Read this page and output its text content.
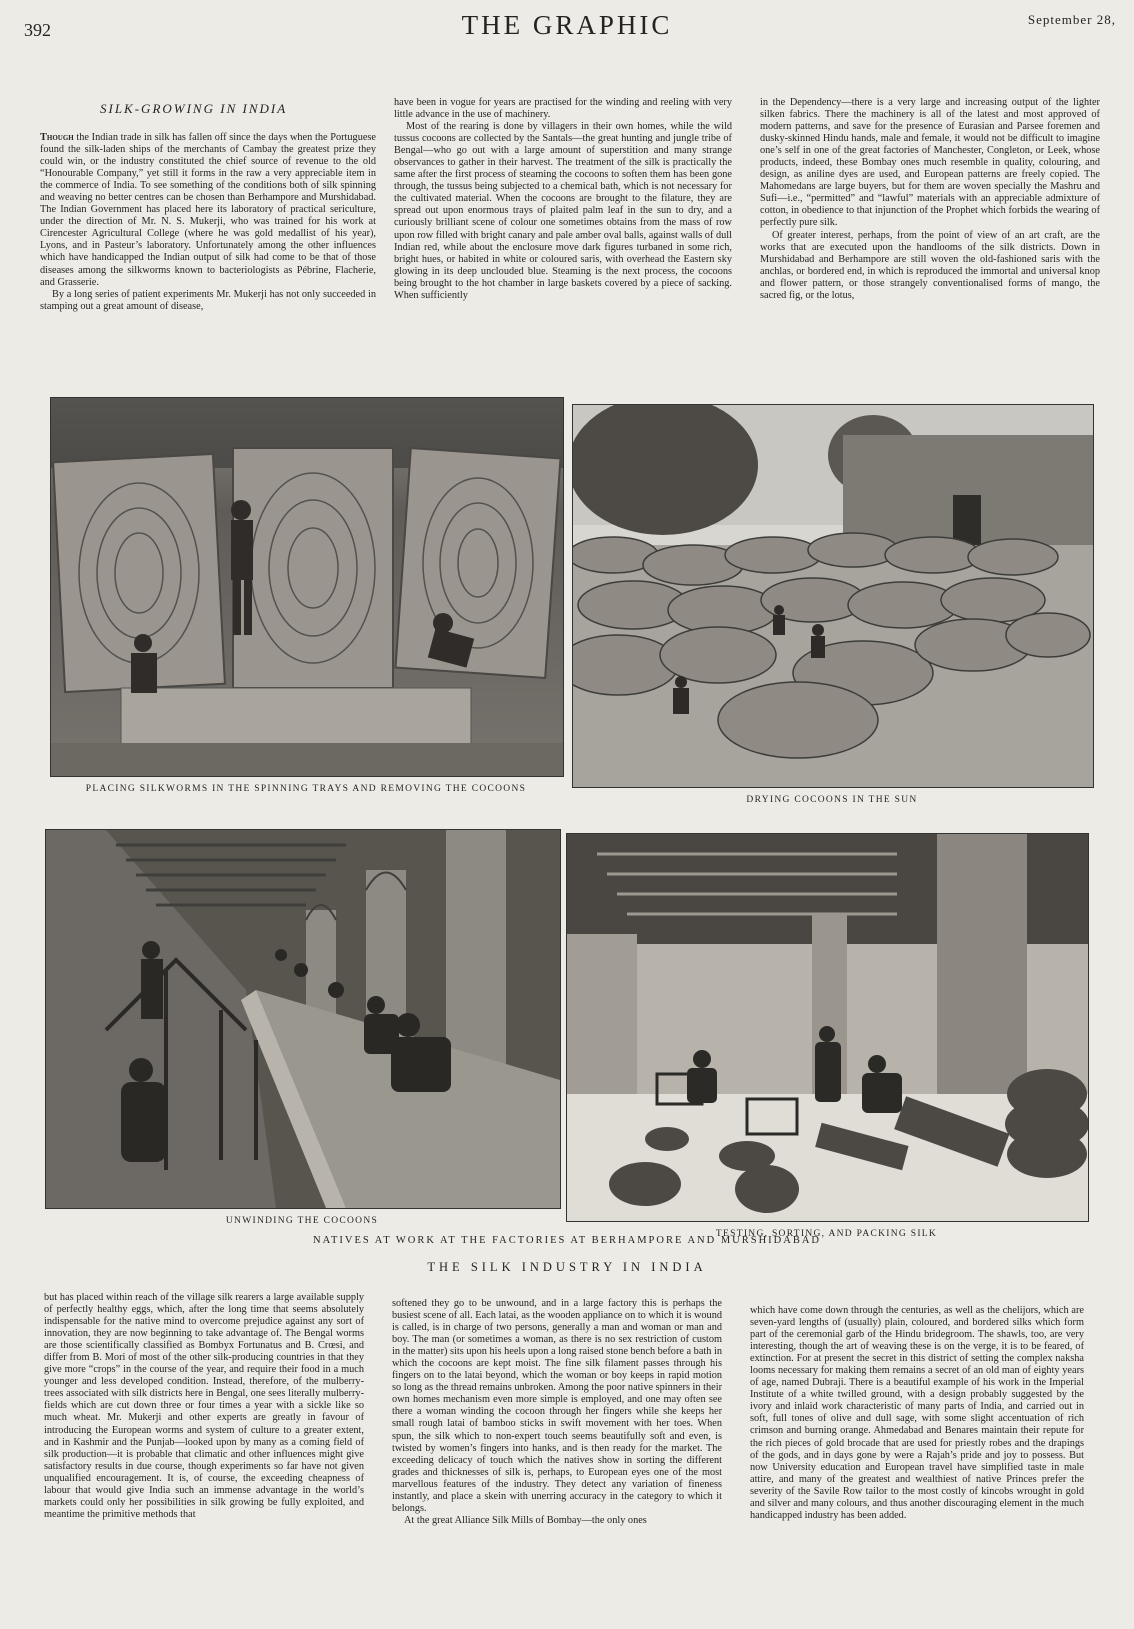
392	THE GRAPHIC	September 28,
SILK-GROWING IN INDIA

Though the Indian trade in silk has fallen off since the days when the Portuguese found the silk-laden ships of the merchants of Cambay the greatest prize they could win, or the industry constituted the chief source of revenue to the old “Honourable Company,” yet still it forms in the raw a very appreciable item in the commerce of India. To see something of the conditions both of silk spinning and weaving no better centres can be chosen than Berhampore and Murshidabad. The Indian Government has placed here its laboratory of practical sericulture, under the direction of Mr. N. S. Mukerji, who was trained for his work at Cirencester Agricultural College (where he was gold medallist of his year), Lyons, and in Pasteur’s laboratory. Unfortunately among the other influences which have handicapped the Indian output of silk had come to be that of those diseases among the silkworms known to bacteriologists as Pébrine, Flacherie, and Grasserie.

By a long series of patient experiments Mr. Mukerji has not only succeeded in stamping out a great amount of disease,

have been in vogue for years are practised for the winding and reeling with very little advance in the use of machinery.

Most of the rearing is done by villagers in their own homes, while the wild tussus cocoons are collected by the Santals—the great hunting and jungle tribe of Bengal—who go out with a large amount of superstition and many strange observances to gather in their harvest. The treatment of the silk is practically the same after the first process of steaming the cocoons to soften them has been gone through, the tussus being subjected to a chemical bath, which is not necessary for the cultivated material. When the cocoons are brought to the filature, they are spread out upon enormous trays of plaited palm leaf in the sun to dry, and a curiously brilliant scene of colour one sometimes obtains from the mass of row upon row filled with bright canary and pale amber oval balls, against walls of dull Indian red, while about the enclosure move dark figures turbaned in some rich, bright hues, or habited in white or coloured saris, with overhead the Eastern sky glowing in its deep unclouded blue. Steaming is the next process, the cocoons being brought to the hot chamber in large baskets covered by a piece of sacking. When sufficiently

in the Dependency—there is a very large and increasing output of the lighter silken fabrics. There the machinery is all of the latest and most approved of modern patterns, and save for the presence of Eurasian and Parsee foremen and dusky-skinned Hindu hands, male and female, it would not be difficult to imagine one’s self in one of the great factories of Manchester, Congleton, or Leek, whose products, indeed, these Bombay ones much resemble in quality, colouring, and design, as aniline dyes are used, and European patterns are freely copied. The Mahomedans are large buyers, but for them are woven specially the Mashru and Sufi—i.e., “permitted” and “lawful” materials with an appreciable admixture of cotton, in obedience to that injunction of the Prophet which forbids the wearing of perfectly pure silk.

Of greater interest, perhaps, from the point of view of an art craft, are the works that are executed upon the handlooms of the silk districts. Down in Murshidabad and Berhampore are still woven the old-fashioned saris with the anchlas, or bordered end, in which is reproduced the immortal and universal knop and flower pattern, or those strangely conventionalised forms of mango, the sacred fig, or the lotus,

PLACING SILKWORMS IN THE SPINNING TRAYS AND REMOVING THE COCOONS
DRYING COCOONS IN THE SUN
UNWINDING THE COCOONS
TESTING, SORTING, AND PACKING SILK
NATIVES AT WORK AT THE FACTORIES AT BERHAMPORE AND MURSHIDABAD
THE SILK INDUSTRY IN INDIA

but has placed within reach of the village silk rearers a large available supply of perfectly healthy eggs, which, after the long time that seems absolutely indispensable for the native mind to overcome prejudice against any sort of innovation, they are now beginning to take advantage of. The Bengal worms are those scientifically classified as Bombyx Fortunatus and B. Crœsi, and differ from B. Mori of most of the other silk-producing countries in that they give more “crops” in the course of the year, and require their food in a much younger and less developed condition. Instead, therefore, of the mulberry-trees associated with silk districts here in Bengal, one sees literally mulberry-fields which are cut down three or four times a year with a sickle like so much wheat. Mr. Mukerji and other experts are greatly in favour of introducing the European worms and system of culture to a greater extent, and in Kashmir and the Punjab—looked upon by many as a coming field of silk production—it is probable that climatic and other influences might give satisfactory results in due course, though experiments so far have not given unqualified encouragement. It is, of course, the exceeding cheapness of labour that would give India such an immense advantage in the world’s markets could only her possibilities in silk growing be fully exploited, and meantime the primitive methods that

softened they go to be unwound, and in a large factory this is perhaps the busiest scene of all. Each latai, as the wooden appliance on to which it is wound is called, is in charge of two persons, generally a man and woman or man and boy. The man (or sometimes a woman, as there is no sex restriction of custom in the matter) sits upon his heels upon a long raised stone bench before a bath in which the cocoons are kept moist. The fine silk filament passes through his fingers on to the latai beyond, which the woman or boy keeps in rapid motion so long as the thread remains unbroken. Among the poor native spinners in their own homes mechanism even more simple is employed, and one may often see there a woman winding the cocoon through her fingers while she keeps her small rough latai of bamboo sticks in swift movement with her toes. When spun, the silk which to non-expert touch seems beautifully soft and even, is twisted by women’s fingers into hanks, and is then ready for the market. The exceeding delicacy of touch which the natives show in sorting the different grades and thicknesses of silk is, perhaps, to European eyes one of the most marvellous features of the industry. They detect any variation of fineness instantly, and place a skein with unerring accuracy in the category to which it belongs.

At the great Alliance Silk Mills of Bombay—the only ones

which have come down through the centuries, as well as the chelijors, which are seven-yard lengths of (usually) plain, coloured, and bordered silks which form part of the ceremonial garb of the Hindu bridegroom. The shawls, too, are very interesting, though the art of weaving these is on the verge, it is to be feared, of extinction. For at present the secret in this district of setting the complex naksha looms necessary for making them remains a secret of an old man of eighty years of age, named Dubraji. There is a beautiful example of his work in the Imperial Institute of a white twilled ground, with a design probably suggested by the ivory and inlaid work characteristic of many parts of India, and carried out in soft, full tones of olive and dull sage, with some slight accentuation of rich crimson and burning orange. Ahmedabad and Benares maintain their repute for the rich pieces of gold brocade that are used for priestly robes and the drapings of the gods, and in days gone by were a Rajah’s pride and joy to possess. But now University education and European travel have simplified taste in male attire, and many of the greatest and wealthiest of native Princes prefer the severity of the Savile Row tailor to the most costly of kincobs wrought in gold and silver and many colours, and thus another discouraging element in the much handicapped industry has been added.
